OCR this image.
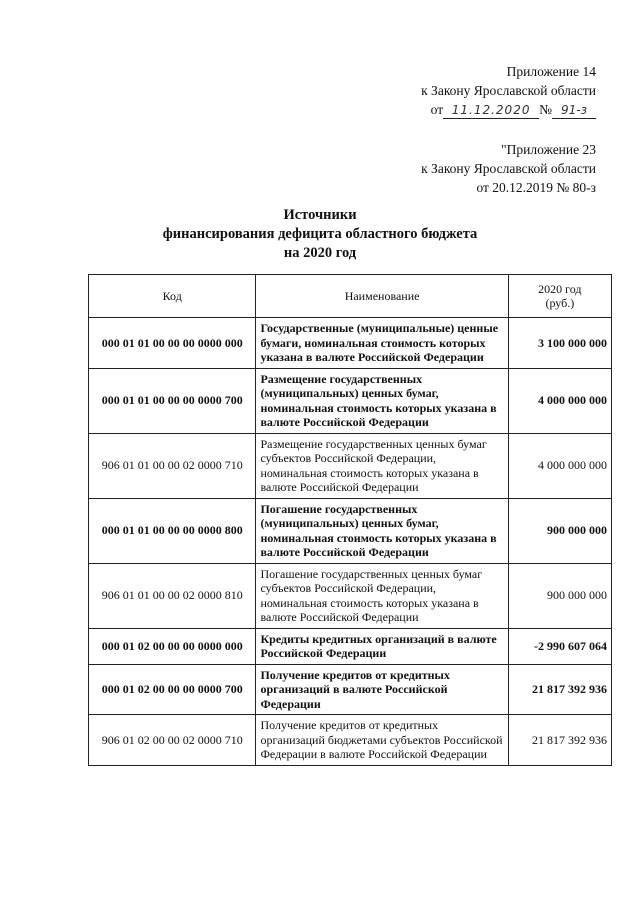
Приложение 14
к Закону Ярославской области
от 11.12.2020 № 91-з
"Приложение 23
к Закону Ярославской области
от 20.12.2019 № 80-з
Источники
финансирования дефицита областного бюджета
на 2020 год
Код	Наименование	2020 год
(руб.)

000 01 01 00 00 00 0000 000	Государственные (муниципальные) ценные бумаги, номинальная стоимость которых указана в валюте Российской Федерации	3 100 000 000
000 01 01 00 00 00 0000 700	Размещение государственных (муниципальных) ценных бумаг, номинальная стоимость которых указана в валюте Российской Федерации	4 000 000 000
906 01 01 00 00 02 0000 710	Размещение государственных ценных бумаг субъектов Российской Федерации, номинальная стоимость которых указана в валюте Российской Федерации	4 000 000 000
000 01 01 00 00 00 0000 800	Погашение государственных (муниципальных) ценных бумаг, номинальная стоимость которых указана в валюте Российской Федерации	900 000 000
906 01 01 00 00 02 0000 810	Погашение государственных ценных бумаг субъектов Российской Федерации, номинальная стоимость которых указана в валюте Российской Федерации	900 000 000
000 01 02 00 00 00 0000 000	Кредиты кредитных организаций в валюте Российской Федерации	-2 990 607 064
000 01 02 00 00 00 0000 700	Получение кредитов от кредитных организаций в валюте Российской Федерации	21 817 392 936
906 01 02 00 00 02 0000 710	Получение кредитов от кредитных организаций бюджетами субъектов Российской Федерации в валюте Российской Федерации	21 817 392 936
